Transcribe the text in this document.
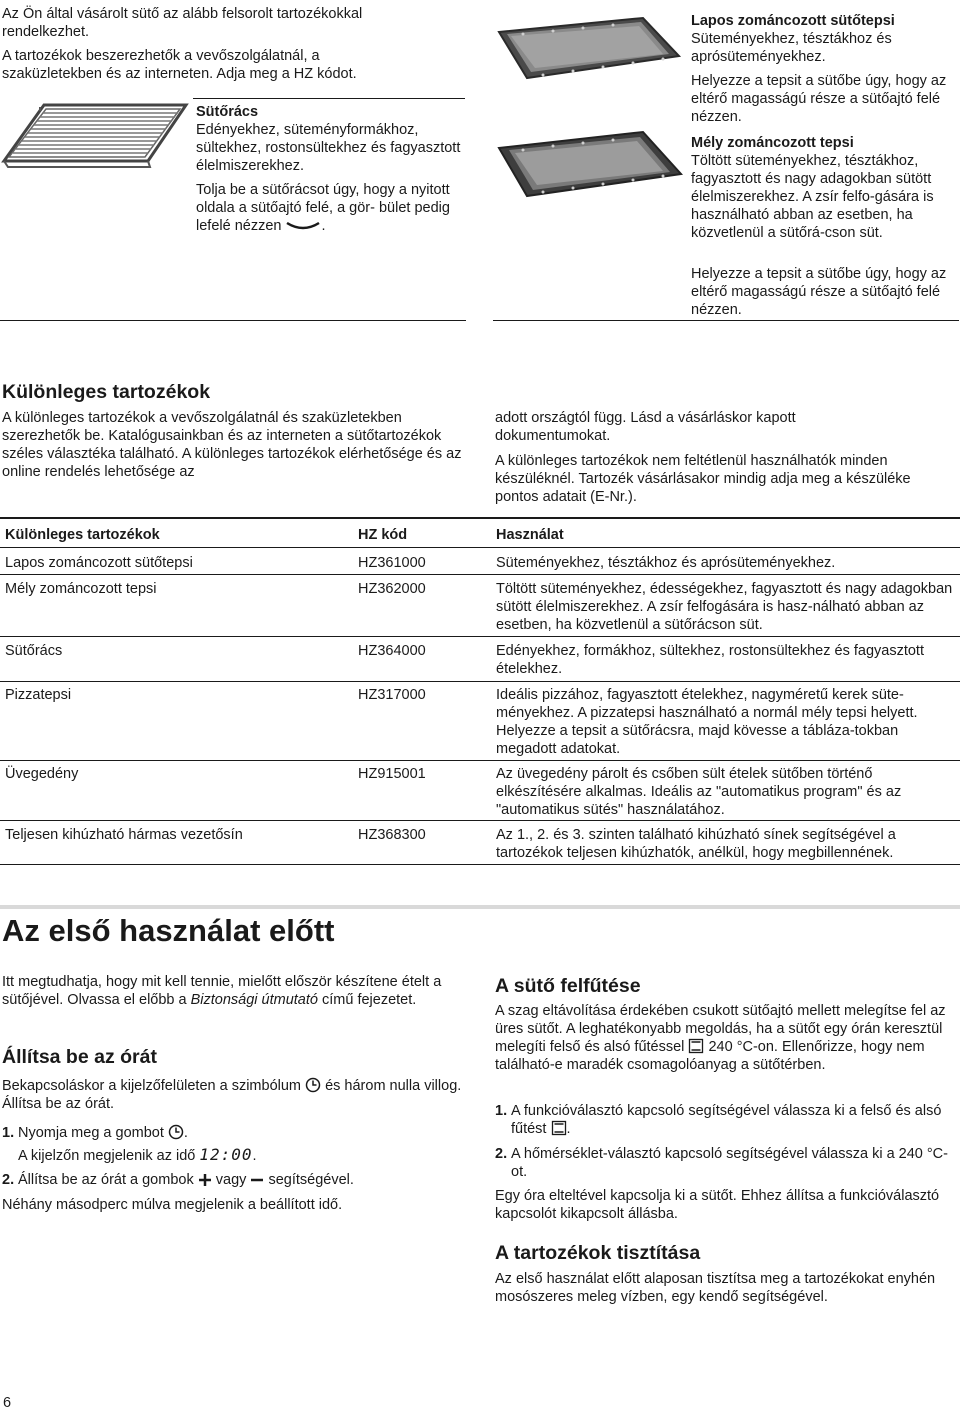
Az Ön által vásárolt sütő az alább felsorolt tartozékokkal rendelkezhet.

A tartozékok beszerezhetők a vevőszolgálatnál, a szaküzletekben és az interneten. Adja meg a HZ kódot.

Sütőrács

Edényekhez, süteményformákhoz, sültekhez, rostonsültekhez és fagyasztott élelmiszerekhez.

Tolja be a sütőrácsot úgy, hogy a nyitott oldala a sütőajtó felé, a gör- bület pedig lefelé nézzen	.

Lapos zománcozott sütőtepsi

Süteményekhez, tésztákhoz és aprósüteményekhez.

Helyezze a tepsit a sütőbe úgy, hogy az eltérő magasságú része a sütőajtó felé nézzen.

Mély zománcozott tepsi

Töltött süteményekhez, tésztákhoz, fagyasztott és nagy adagokban sütött élelmiszerekhez. A zsír felfo-gására is használható abban az esetben, ha közvetlenül a sütőrá-cson süt.

Helyezze a tepsit a sütőbe úgy, hogy az eltérő magasságú része a sütőajtó felé nézzen.

Különleges tartozékok

A különleges tartozékok a vevőszolgálatnál és szaküzletekben szerezhetők be. Katalógusainkban és az interneten a sütőtartozékok széles választéka található. A különleges tartozékok elérhetősége és az online rendelés lehetősége az

adott országtól függ. Lásd a vásárláskor kapott dokumentumokat.

A különleges tartozékok nem feltétlenül használhatók minden készüléknél. Tartozék vásárlásakor mindig adja meg a készüléke pontos adatait (E-Nr.).

Különleges tartozékok	HZ kód	Használat
Lapos zománcozott sütőtepsi	HZ361000	Süteményekhez, tésztákhoz és aprósüteményekhez.
Mély zománcozott tepsi	HZ362000	Töltött süteményekhez, édességekhez, fagyasztott és nagy adagokban sütött élelmiszerekhez. A zsír felfogására is hasz-nálható abban az esetben, ha közvetlenül a sütőrácson süt.
Sütőrács	HZ364000	Edényekhez, formákhoz, sültekhez, rostonsültekhez és fagyasztott ételekhez.
Pizzatepsi	HZ317000	Ideális pizzához, fagyasztott ételekhez, nagyméretű kerek süte-ményekhez. A pizzatepsi használható a normál mély tepsi helyett. Helyezze a tepsit a sütőrácsra, majd kövesse a tábláza-tokban megadott adatokat.
Üvegedény	HZ915001	Az üvegedény párolt és csőben sült ételek sütőben történő elkészítésére alkalmas. Ideális az "automatikus program" és az "automatikus sütés" használatához.
Teljesen kihúzható hármas vezetősín	HZ368300	Az 1., 2. és 3. szinten található kihúzható sínek segítségével a tartozékok teljesen kihúzhatók, anélkül, hogy megbillennének.

Az első használat előtt

Itt megtudhatja, hogy mit kell tennie, mielőtt először készítene ételt a sütőjével. Olvassa el előbb a Biztonsági útmutató című fejezetet.

Állítsa be az órát

Bekapcsoláskor a kijelzőfelületen a szimbólum és három nulla villog. Állítsa be az órát.

1. Nyomja meg a gombot .
A kijelzőn megjelenik az idő 12:00.
2. Állítsa be az órát a gombok vagy segítségével.

Néhány másodperc múlva megjelenik a beállított idő.

A sütő felfűtése

A szag eltávolítása érdekében csukott sütőajtó mellett melegítse fel az üres sütőt. A leghatékonyabb megoldás, ha a sütőt egy órán keresztül melegíti felső és alsó fűtéssel 240 °C-on. Ellenőrizze, hogy nem található-e maradék csomagolóanyag a sütőtérben.

1. A funkcióválasztó kapcsoló segítségével válassza ki a felső és alsó fűtést .
2. A hőmérséklet-választó kapcsoló segítségével válassza ki a 240 °C-ot.

Egy óra elteltével kapcsolja ki a sütőt. Ehhez állítsa a funkcióválasztó kapcsolót kikapcsolt állásba.

A tartozékok tisztítása

Az első használat előtt alaposan tisztítsa meg a tartozékokat enyhén mosószeres meleg vízben, egy kendő segítségével.

6
